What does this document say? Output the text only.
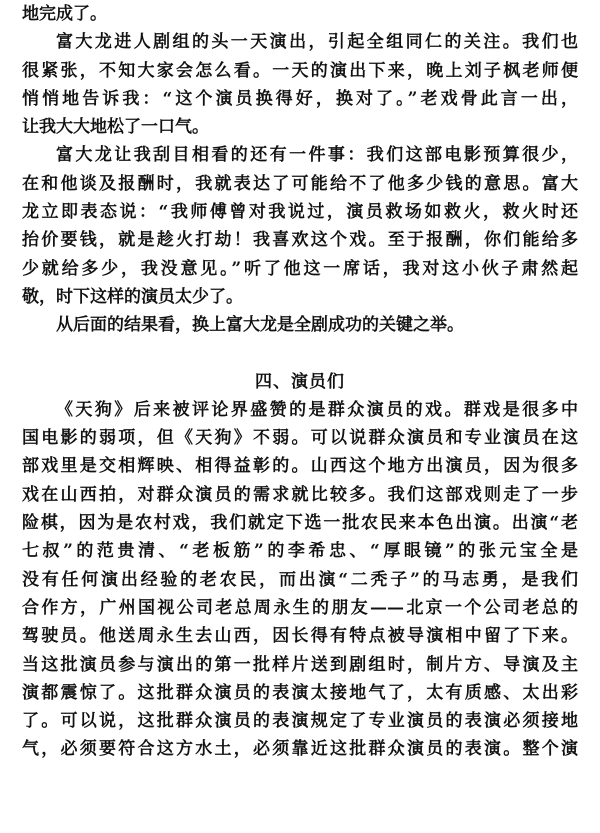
地完成了。
富大龙进人剧组的头一天演出，引起全组同仁的关注。我们也
很紧张，不知大家会怎么看。一天的演出下来，晚上刘子枫老师便
悄悄地告诉我：“这个演员换得好，换对了。”老戏骨此言一出，
让我大大地松了一口气。
富大龙让我刮目相看的还有一件事：我们这部电影预算很少，
在和他谈及报酬时，我就表达了可能给不了他多少钱的意思。富大
龙立即表态说：“我师傅曾对我说过，演员救场如救火，救火时还
抬价要钱，就是趁火打劫！我喜欢这个戏。至于报酬，你们能给多
少就给多少，我没意见。”听了他这一席话，我对这小伙子肃然起
敬，时下这样的演员太少了。
从后面的结果看，换上富大龙是全剧成功的关键之举。
四、演员们
《天狗》后来被评论界盛赞的是群众演员的戏。群戏是很多中
国电影的弱项，但《天狗》不弱。可以说群众演员和专业演员在这
部戏里是交相辉映、相得益彰的。山西这个地方出演员，因为很多
戏在山西拍，对群众演员的需求就比较多。我们这部戏则走了一步
险棋，因为是农村戏，我们就定下选一批农民来本色出演。出演“老
七叔”的范贵清、“老板筋”的李希忠、“厚眼镜”的张元宝全是
没有任何演出经验的老农民，而出演“二秃子”的马志勇，是我们
合作方，广州国视公司老总周永生的朋友——北京一个公司老总的
驾驶员。他送周永生去山西，因长得有特点被导演相中留了下来。
当这批演员参与演出的第一批样片送到剧组时，制片方、导演及主
演都震惊了。这批群众演员的表演太接地气了，太有质感、太出彩
了。可以说，这批群众演员的表演规定了专业演员的表演必须接地
气，必须要符合这方水土，必须靠近这批群众演员的表演。整个演
